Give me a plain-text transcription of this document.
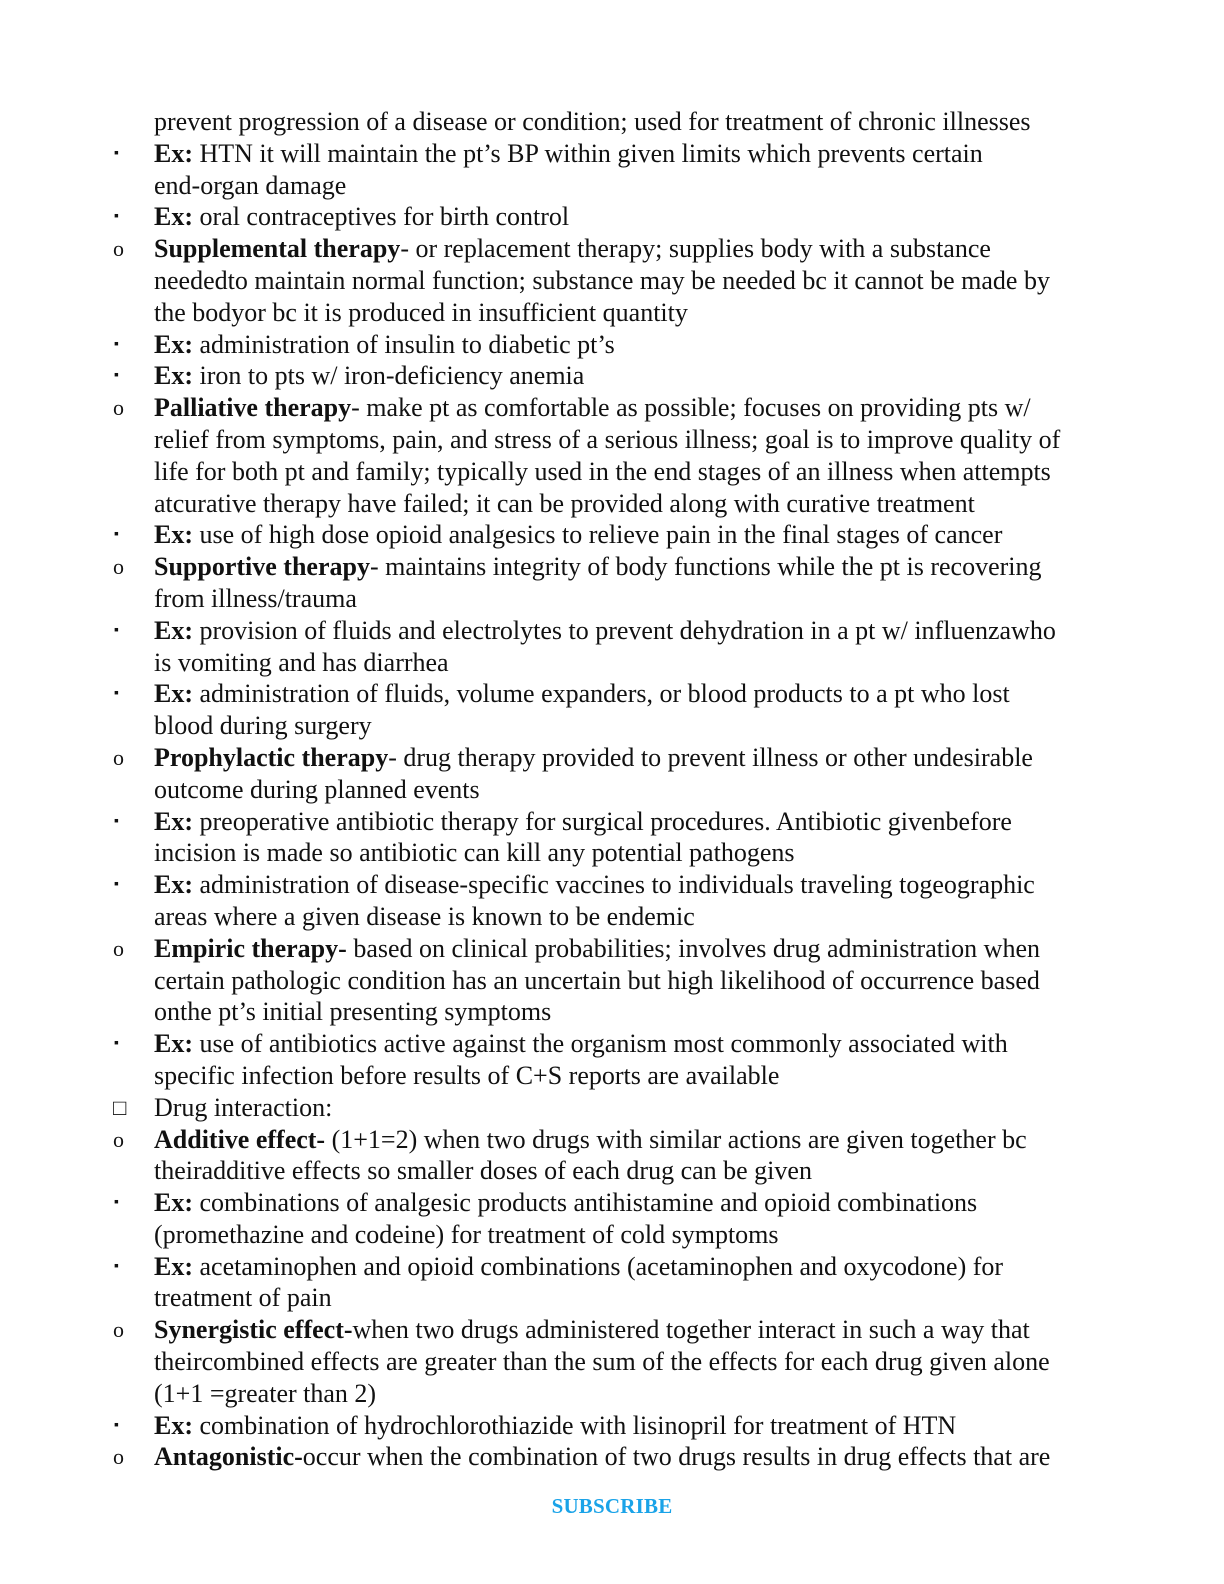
prevent progression of a disease or condition; used for treatment of chronic illnesses
▪	Ex: HTN it will maintain the pt’s BP within given limits which prevents certain
end-organ damage
▪	Ex: oral contraceptives for birth control
o	Supplemental therapy- or replacement therapy; supplies body with a substance
neededto maintain normal function; substance may be needed bc it cannot be made by
the bodyor bc it is produced in insufficient quantity
▪	Ex: administration of insulin to diabetic pt’s
▪	Ex: iron to pts w/ iron-deficiency anemia
o	Palliative therapy- make pt as comfortable as possible; focuses on providing pts w/
relief from symptoms, pain, and stress of a serious illness; goal is to improve quality of
life for both pt and family; typically used in the end stages of an illness when attempts
atcurative therapy have failed; it can be provided along with curative treatment
▪	Ex: use of high dose opioid analgesics to relieve pain in the final stages of cancer
o	Supportive therapy- maintains integrity of body functions while the pt is recovering
from illness/trauma
▪	Ex: provision of fluids and electrolytes to prevent dehydration in a pt w/ influenzawho
is vomiting and has diarrhea
▪	Ex: administration of fluids, volume expanders, or blood products to a pt who lost
blood during surgery
o	Prophylactic therapy- drug therapy provided to prevent illness or other undesirable
outcome during planned events
▪	Ex: preoperative antibiotic therapy for surgical procedures. Antibiotic givenbefore
incision is made so antibiotic can kill any potential pathogens
▪	Ex: administration of disease-specific vaccines to individuals traveling togeographic
areas where a given disease is known to be endemic
o	Empiric therapy- based on clinical probabilities; involves drug administration when
certain pathologic condition has an uncertain but high likelihood of occurrence based
onthe pt’s initial presenting symptoms
▪	Ex: use of antibiotics active against the organism most commonly associated with
specific infection before results of C+S reports are available
□	Drug interaction:
o	Additive effect- (1+1=2) when two drugs with similar actions are given together bc
theiradditive effects so smaller doses of each drug can be given
▪	Ex: combinations of analgesic products antihistamine and opioid combinations
(promethazine and codeine) for treatment of cold symptoms
▪	Ex: acetaminophen and opioid combinations (acetaminophen and oxycodone) for
treatment of pain
o	Synergistic effect-when two drugs administered together interact in such a way that
theircombined effects are greater than the sum of the effects for each drug given alone
(1+1 =greater than 2)
▪	Ex: combination of hydrochlorothiazide with lisinopril for treatment of HTN
o	Antagonistic-occur when the combination of two drugs results in drug effects that are
SUBSCRIBE
